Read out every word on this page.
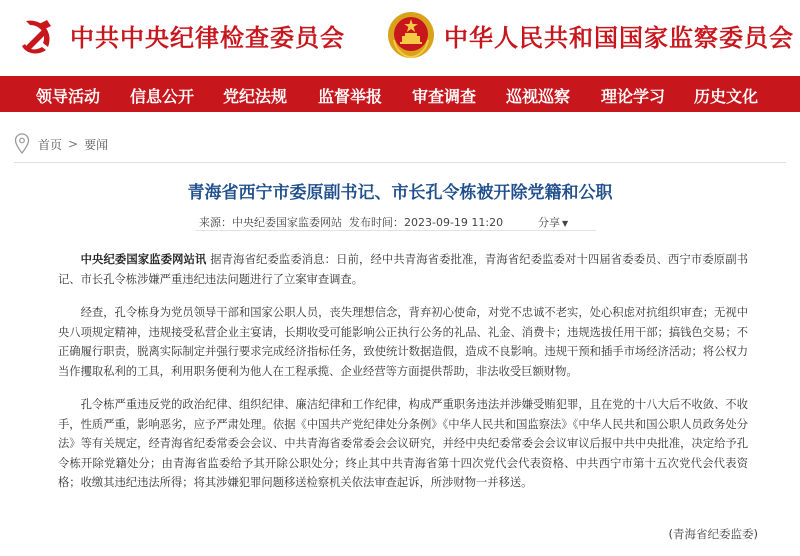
中共中央纪律检查委员会	中华人民共和国国家监察委员会
领导活动 信息公开 党纪法规 监督举报 审查调查 巡视巡察 理论学习 历史文化
首页 > 要闻
青海省西宁市委原副书记、市长孔令栋被开除党籍和公职
来源：中央纪委国家监委网站 发布时间：2023-09-19 11:20	分享 ▼

中央纪委国家监委网站讯 据青海省纪委监委消息：日前，经中共青海省委批准，青海省纪委监委对十四届省委委员、西宁市委原副书记、市长孔令栋涉嫌严重违纪违法问题进行了立案审查调查。

经查，孔令栋身为党员领导干部和国家公职人员，丧失理想信念，背弃初心使命，对党不忠诚不老实，处心积虑对抗组织审查；无视中央八项规定精神，违规接受私营企业主宴请，长期收受可能影响公正执行公务的礼品、礼金、消费卡；违规选拔任用干部；搞钱色交易；不正确履行职责，脱离实际制定并强行要求完成经济指标任务，致使统计数据造假，造成不良影响。违规干预和插手市场经济活动；将公权力当作攫取私利的工具，利用职务便利为他人在工程承揽、企业经营等方面提供帮助，非法收受巨额财物。

孔令栋严重违反党的政治纪律、组织纪律、廉洁纪律和工作纪律，构成严重职务违法并涉嫌受贿犯罪，且在党的十八大后不收敛、不收手，性质严重，影响恶劣，应予严肃处理。依据《中国共产党纪律处分条例》《中华人民共和国监察法》《中华人民共和国公职人员政务处分法》等有关规定，经青海省纪委常委会会议、中共青海省委常委会会议研究，并经中央纪委常委会会议审议后报中共中央批准，决定给予孔令栋开除党籍处分；由青海省监委给予其开除公职处分；终止其中共青海省第十四次党代会代表资格、中共西宁市第十五次党代会代表资格；收缴其违纪违法所得；将其涉嫌犯罪问题移送检察机关依法审查起诉，所涉财物一并移送。

(青海省纪委监委)
